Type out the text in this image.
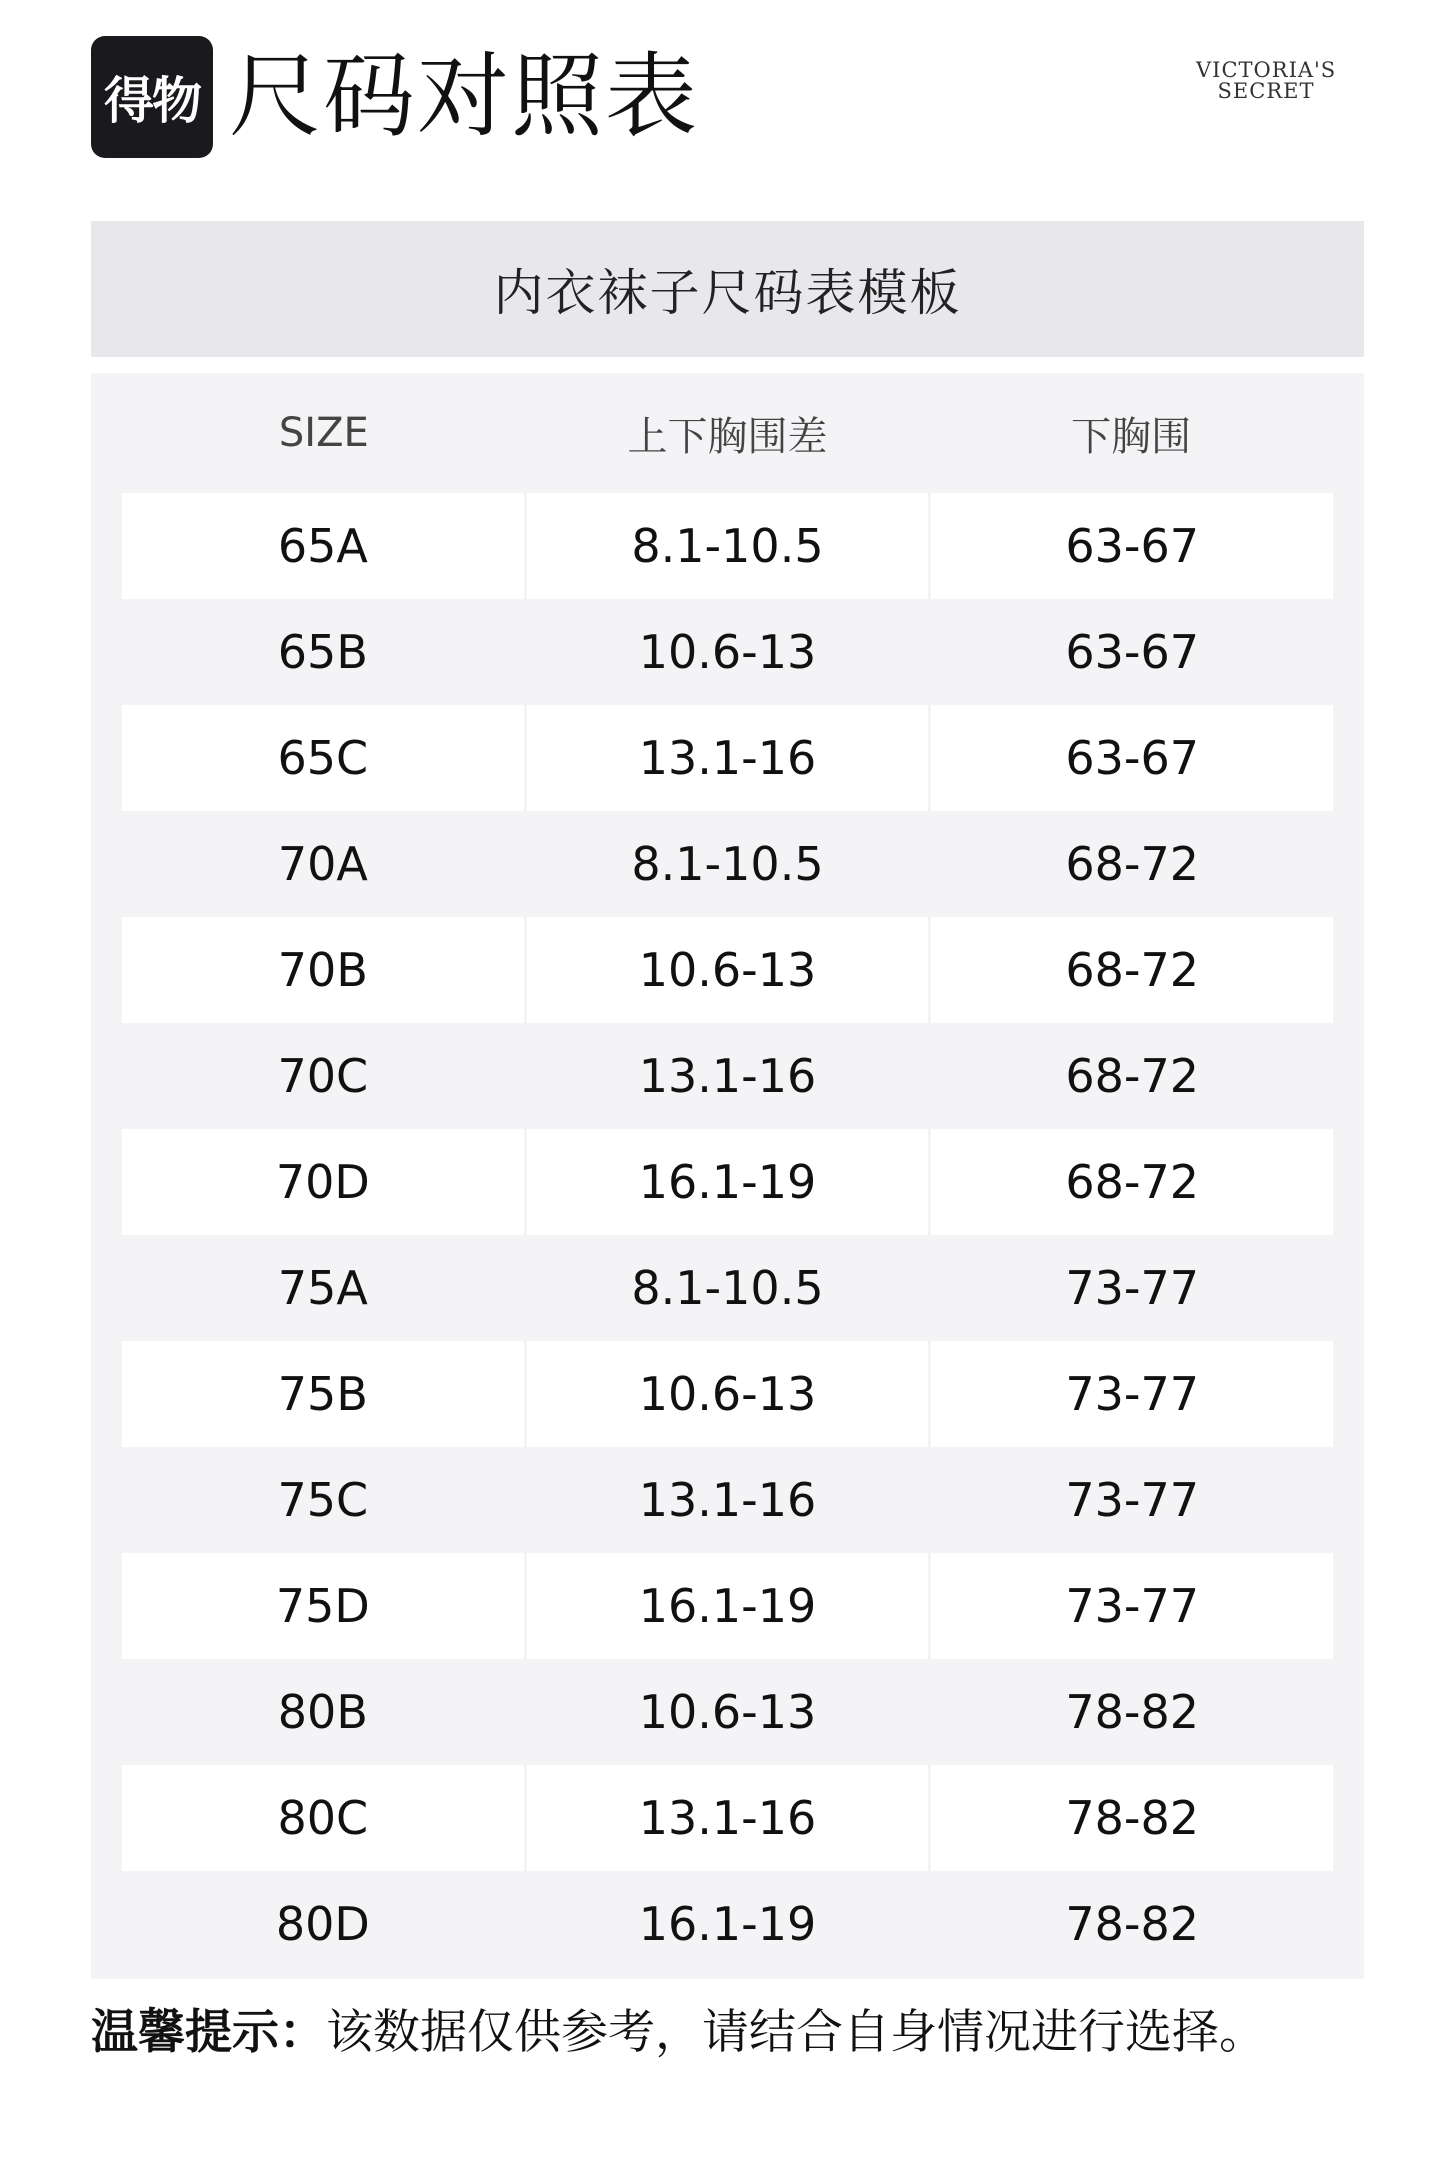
得物 尺码对照表	VICTORIA'S
SECRET
内衣袜子尺码表模板
SIZE	上下胸围差	下胸围
65A	8.1-10.5	63-67
65B	10.6-13	63-67
65C	13.1-16	63-67
70A	8.1-10.5	68-72
70B	10.6-13	68-72
70C	13.1-16	68-72
70D	16.1-19	68-72
75A	8.1-10.5	73-77
75B	10.6-13	73-77
75C	13.1-16	73-77
75D	16.1-19	73-77
80B	10.6-13	78-82
80C	13.1-16	78-82
80D	16.1-19	78-82
温馨提示：该数据仅供参考，请结合自身情况进行选择。
